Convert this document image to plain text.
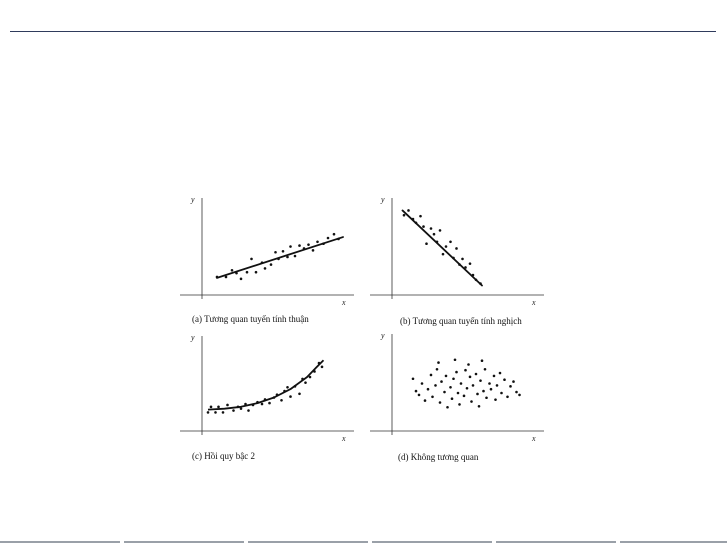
x
y
(a) Tương quan tuyến tính thuận
x
y
(b) Tương quan tuyến tính nghịch
x
y
(c) Hồi quy bậc 2
x
y
(d) Không tương quan
